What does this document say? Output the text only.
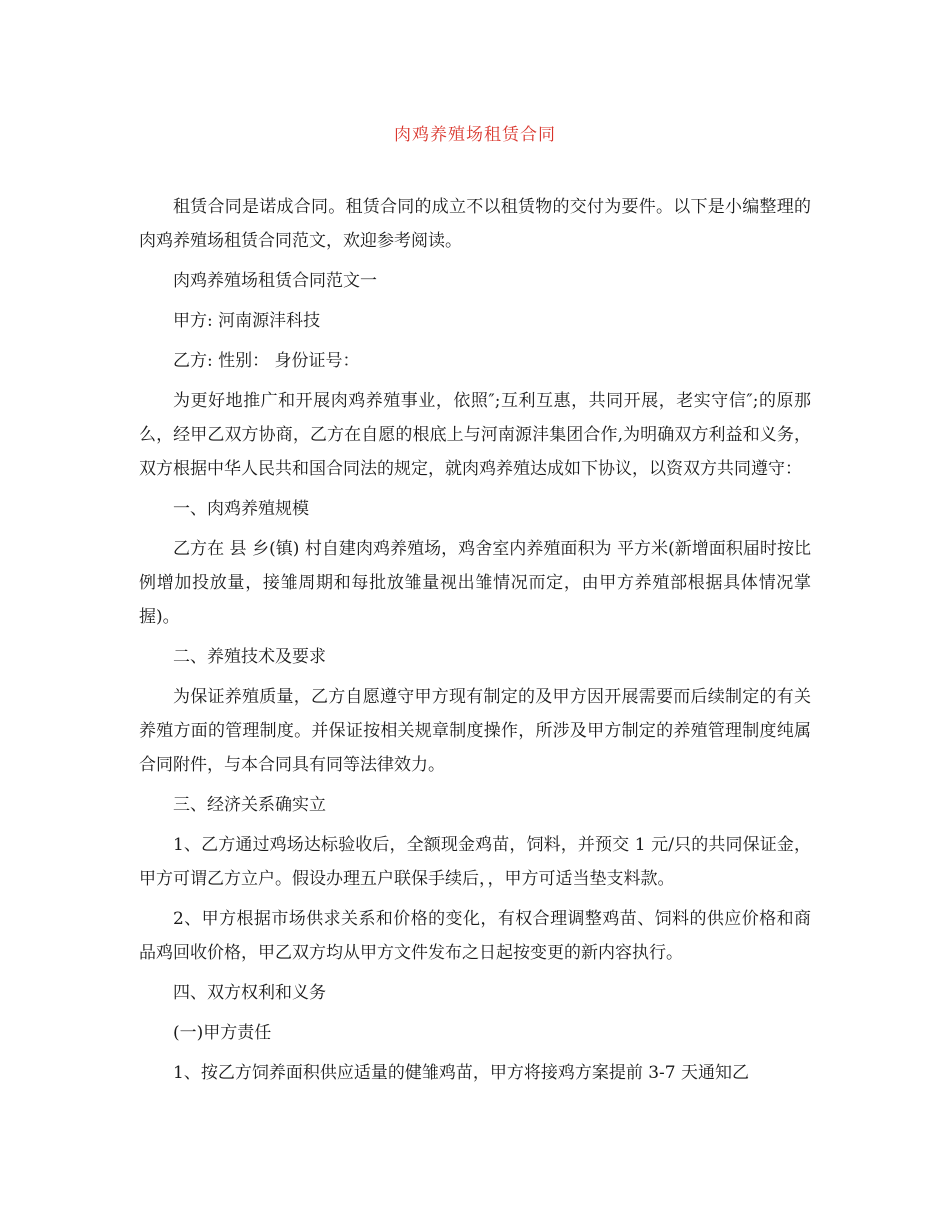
肉鸡养殖场租赁合同

租赁合同是诺成合同。租赁合同的成立不以租赁物的交付为要件。以下是小编整理的肉鸡养殖场租赁合同范文，欢迎参考阅读。

肉鸡养殖场租赁合同范文一

甲方: 河南源沣科技

乙方: 性别： 身份证号：

为更好地推广和开展肉鸡养殖事业，依照″;互利互惠，共同开展，老实守信″;的原那么，经甲乙双方协商，乙方在自愿的根底上与河南源沣集团合作,为明确双方利益和义务，双方根据中华人民共和国合同法的规定，就肉鸡养殖达成如下协议，以资双方共同遵守：

一、肉鸡养殖规模

乙方在 县 乡(镇) 村自建肉鸡养殖场，鸡舍室内养殖面积为 平方米(新增面积届时按比例增加投放量，接雏周期和每批放雏量视出雏情况而定，由甲方养殖部根据具体情况掌握)。

二、养殖技术及要求

为保证养殖质量，乙方自愿遵守甲方现有制定的及甲方因开展需要而后续制定的有关养殖方面的管理制度。并保证按相关规章制度操作，所涉及甲方制定的养殖管理制度纯属合同附件，与本合同具有同等法律效力。

三、经济关系确实立

1、乙方通过鸡场达标验收后，全额现金鸡苗，饲料，并预交 1 元/只的共同保证金，甲方可谓乙方立户。假设办理五户联保手续后，，甲方可适当垫支料款。

2、甲方根据市场供求关系和价格的变化，有权合理调整鸡苗、饲料的供应价格和商品鸡回收价格，甲乙双方均从甲方文件发布之日起按变更的新内容执行。

四、双方权利和义务

(一)甲方责任

1、按乙方饲养面积供应适量的健雏鸡苗，甲方将接鸡方案提前 3-7 天通知乙
